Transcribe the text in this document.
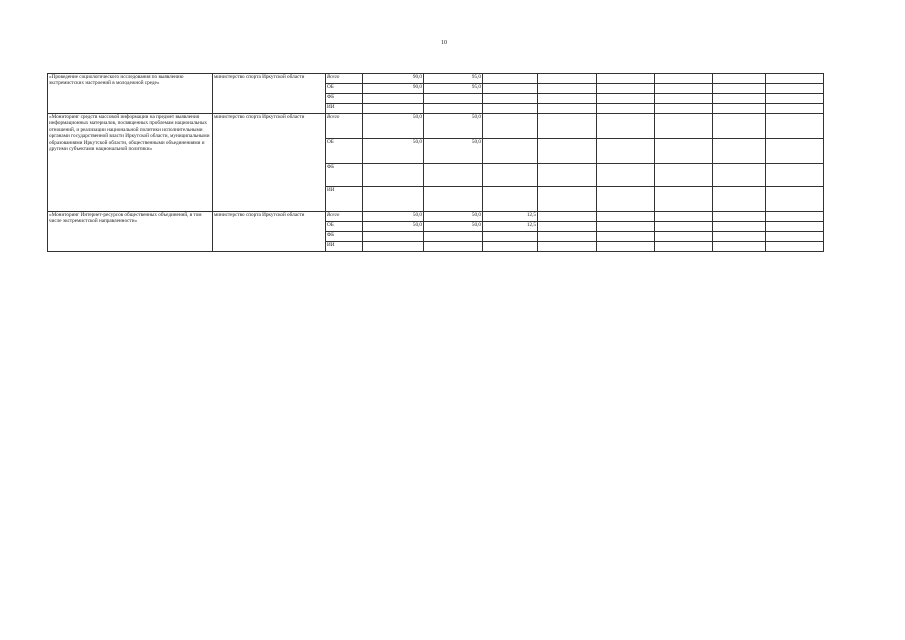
10
«Проведение социологического исследования по выявлению экстремистских настроений в молодежной среде»	министерство спорта Иркутской области	Всего	90,0	95,0						
		ОБ	90,0	95,0						
		ФБ								
		ИИ								
«Мониторинг средств массовой информации на предмет выявления информационных материалов, посвященных проблемам национальных отношений, и реализации национальной политики исполнительными органами государственной власти Иркутской области, муниципальными образованиями Иркутской области, общественными объединениями и другими субъектами национальной политики»	министерство спорта Иркутской области	Всего	50,0	50,0						
		ОБ	50,0	50,0						
		ФБ								
		ИИ								
«Мониторинг Интернет-ресурсов общественных объединений, в том числе экстремистской направленности»	министерство спорта Иркутской области	Всего	50,0	50,0	12,5					
		ОБ	50,0	50,0	12,5					
		ФБ								
		ИИ								
